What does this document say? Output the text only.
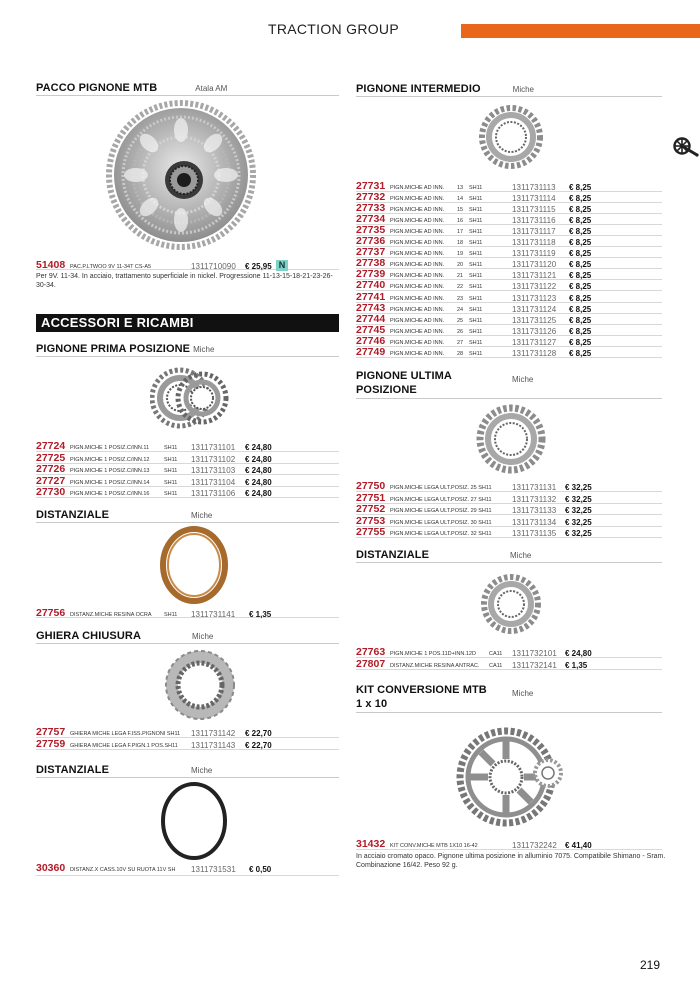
TRACTION GROUP
PACCO PIGNONE MTB	Atala AM
51408 PAC.P.LTWOO 9V 11-34T CS-A5	1311710090 € 25,95 N
Per 9V. 11-34. In acciaio, trattamento superficiale in nickel. Progressione 11-13-15-18-21-23-26-30-34.
ACCESSORI E RICAMBI
PIGNONE PRIMA POSIZIONE Miche
27724 PIGN.MICHE 1 POSIZ.C/INN.11	SH11 1311731101 € 24,80
27725 PIGN.MICHE 1 POSIZ.C/INN.12	SH11 1311731102 € 24,80
27726 PIGN.MICHE 1 POSIZ.C/INN.13	SH11 1311731103 € 24,80
27727 PIGN.MICHE 1 POSIZ.C/INN.14	SH11 1311731104 € 24,80
27730 PIGN.MICHE 1 POSIZ.C/INN.16	SH11 1311731106 € 24,80
DISTANZIALE	Miche
27756 DISTANZ.MICHE RESINA OCRA SH11 1311731141 € 1,35
GHIERA CHIUSURA	Miche
27757 GHIERA MICHE LEGA F.ISS.PIGNONI SH11 1311731142 € 22,70
27759 GHIERA MICHE LEGA F.PIGN.1 POS.SH11 1311731143 € 22,70
DISTANZIALE	Miche
30360 DISTANZ.X CASS.10V SU RUOTA 11V SH 1311731531 € 0,50
PIGNONE INTERMEDIO	Miche
27731 PIGN.MICHE AD INN. 13 SH11	1311731113 € 8,25
27732 PIGN.MICHE AD INN. 14 SH11	1311731114 € 8,25
27733 PIGN.MICHE AD INN. 15 SH11	1311731115 € 8,25
27734 PIGN.MICHE AD INN. 16 SH11	1311731116 € 8,25
27735 PIGN.MICHE AD INN. 17 SH11	1311731117 € 8,25
27736 PIGN.MICHE AD INN. 18 SH11	1311731118 € 8,25
27737 PIGN.MICHE AD INN. 19 SH11	1311731119 € 8,25
27738 PIGN.MICHE AD INN. 20 SH11	1311731120 € 8,25
27739 PIGN.MICHE AD INN. 21 SH11	1311731121 € 8,25
27740 PIGN.MICHE AD INN. 22 SH11	1311731122 € 8,25
27741 PIGN.MICHE AD INN. 23 SH11	1311731123 € 8,25
27743 PIGN.MICHE AD INN. 24 SH11	1311731124 € 8,25
27744 PIGN.MICHE AD INN. 25 SH11	1311731125 € 8,25
27745 PIGN.MICHE AD INN. 26 SH11	1311731126 € 8,25
27746 PIGN.MICHE AD INN. 27 SH11	1311731127 € 8,25
27749 PIGN.MICHE AD INN. 28 SH11	1311731128 € 8,25
PIGNONE ULTIMA POSIZIONE
Miche
27750 PIGN.MICHE LEGA ULT.POSIZ. 25 SH11	1311731131 € 32,25
27751 PIGN.MICHE LEGA ULT.POSIZ. 27 SH11	1311731132 € 32,25
27752 PIGN.MICHE LEGA ULT.POSIZ. 29 SH11	1311731133 € 32,25
27753 PIGN.MICHE LEGA ULT.POSIZ. 30 SH11	1311731134 € 32,25
27755 PIGN.MICHE LEGA ULT.POSIZ. 32 SH11	1311731135 € 32,25
DISTANZIALE	Miche
27763 PIGN.MICHE 1 POS.11D+INN.12D CA11 1311732101 € 24,80
27807 DISTANZ.MICHE RESINA ANTRAC. CA11 1311732141 € 1,35
KIT CONVERSIONE MTB 1 x 10
Miche
31432 KIT CONV.MICHE MTB 1X10 16-42	1311732242 € 41,40
In acciaio cromato opaco. Pignone ultima posizione in alluminio 7075. Compatibile Shimano - Sram. Combinazione 16/42. Peso 92 g.
219
